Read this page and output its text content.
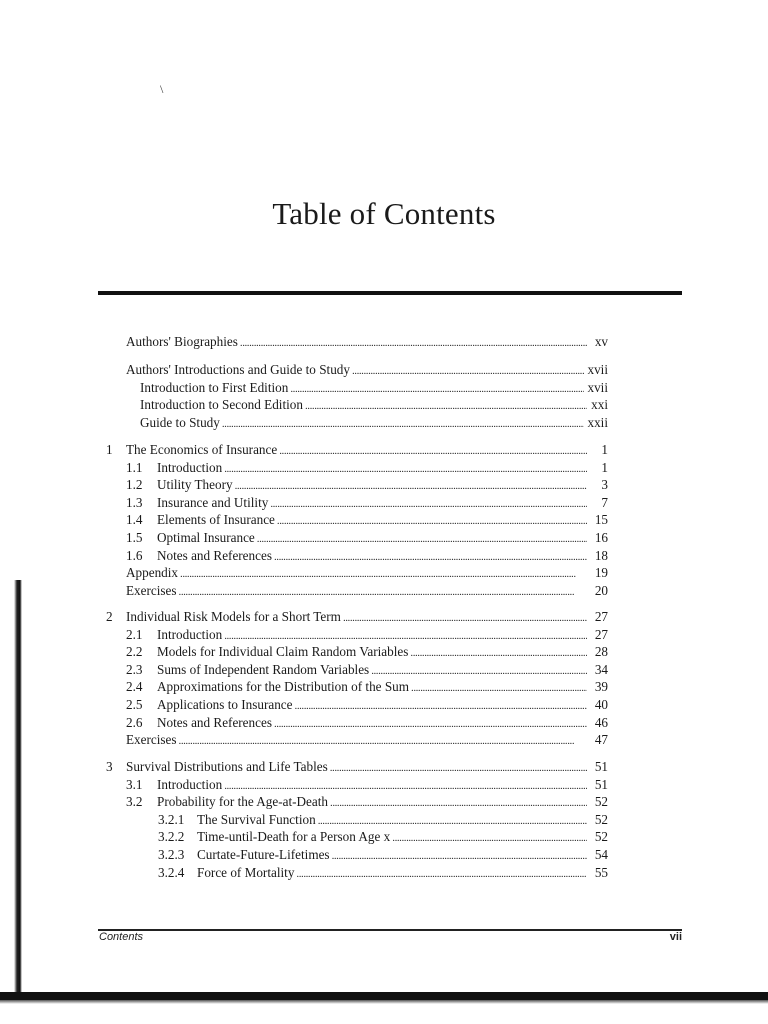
\
Table of Contents
Authors' Biographies . . .	xv
Authors' Introductions and Guide to Study . . .	xvii
Introduction to First Edition . . .	xvii
Introduction to Second Edition . . .	xxi
Guide to Study . . .	xxii
1 The Economics of Insurance . . .	1
1.1	Introduction . . .	1
1.2	Utility Theory . . .	3
1.3	Insurance and Utility . . .	7
1.4	Elements of Insurance . . .	15
1.5	Optimal Insurance . . .	16
1.6	Notes and References . . .	18
Appendix . . .	19
Exercises . . .	20
2 Individual Risk Models for a Short Term . . .	27
2.1	Introduction . . .	27
2.2	Models for Individual Claim Random Variables . . .	28
2.3	Sums of Independent Random Variables . . .	34
2.4	Approximations for the Distribution of the Sum . . .	39
2.5	Applications to Insurance . . .	40
2.6	Notes and References . . .	46
Exercises . . .	47
3 Survival Distributions and Life Tables . . .	51
3.1	Introduction . . .	51
3.2	Probability for the Age-at-Death . . .	52
3.2.1 The Survival Function . . .	52
3.2.2 Time-until-Death for a Person Age x . . .	52
3.2.3 Curtate-Future-Lifetimes . . .	54
3.2.4 Force of Mortality . . .	55
Contents	vii
